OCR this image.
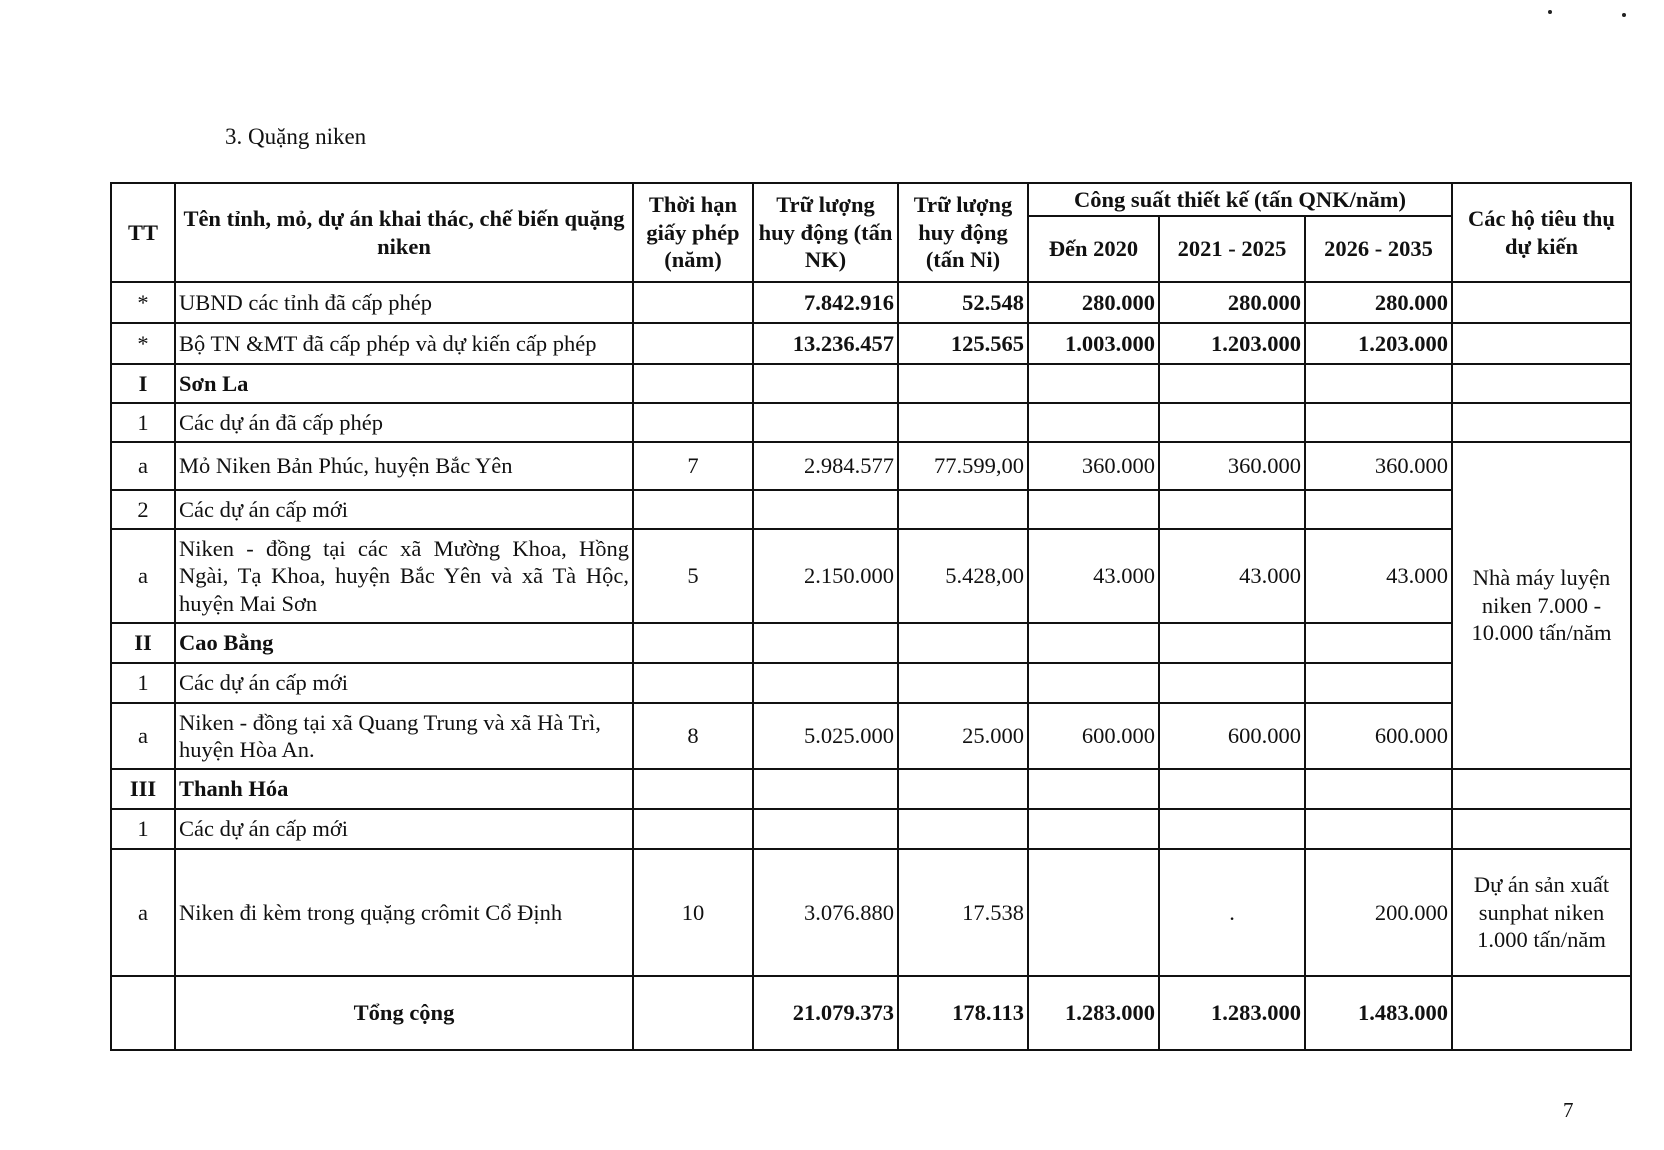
3. Quặng niken
TT	Tên tỉnh, mỏ, dự án khai thác, chế biến quặng niken	Thời hạn giấy phép (năm)	Trữ lượng huy động (tấn NK)	Trữ lượng huy động (tấn Ni)	Công suất thiết kế (tấn QNK/năm)			Các hộ tiêu thụ dự kiến
					Đến 2020	2021 - 2025	2026 - 2035	
*	UBND các tỉnh đã cấp phép		7.842.916	52.548	280.000	280.000	280.000	
*	Bộ TN &MT đã cấp phép và dự kiến cấp phép		13.236.457	125.565	1.003.000	1.203.000	1.203.000	
I	Sơn La							
1	Các dự án đã cấp phép							
a	Mỏ Niken Bản Phúc, huyện Bắc Yên	7	2.984.577	77.599,00	360.000	360.000	360.000	Nhà máy luyện niken 7.000 - 10.000 tấn/năm
2	Các dự án cấp mới							
a	Niken - đồng tại các xã Mường Khoa, Hồng Ngài, Tạ Khoa, huyện Bắc Yên và xã Tà Hộc, huyện Mai Sơn	5	2.150.000	5.428,00	43.000	43.000	43.000	
II	Cao Bằng							
1	Các dự án cấp mới							
a	Niken - đồng tại xã Quang Trung và xã Hà Trì, huyện Hòa An.	8	5.025.000	25.000	600.000	600.000	600.000	
III	Thanh Hóa							
1	Các dự án cấp mới							
a	Niken đi kèm trong quặng crômit Cổ Định	10	3.076.880	17.538		.	200.000	Dự án sản xuất sunphat niken 1.000 tấn/năm
	Tổng cộng		21.079.373	178.113	1.283.000	1.283.000	1.483.000	
7
